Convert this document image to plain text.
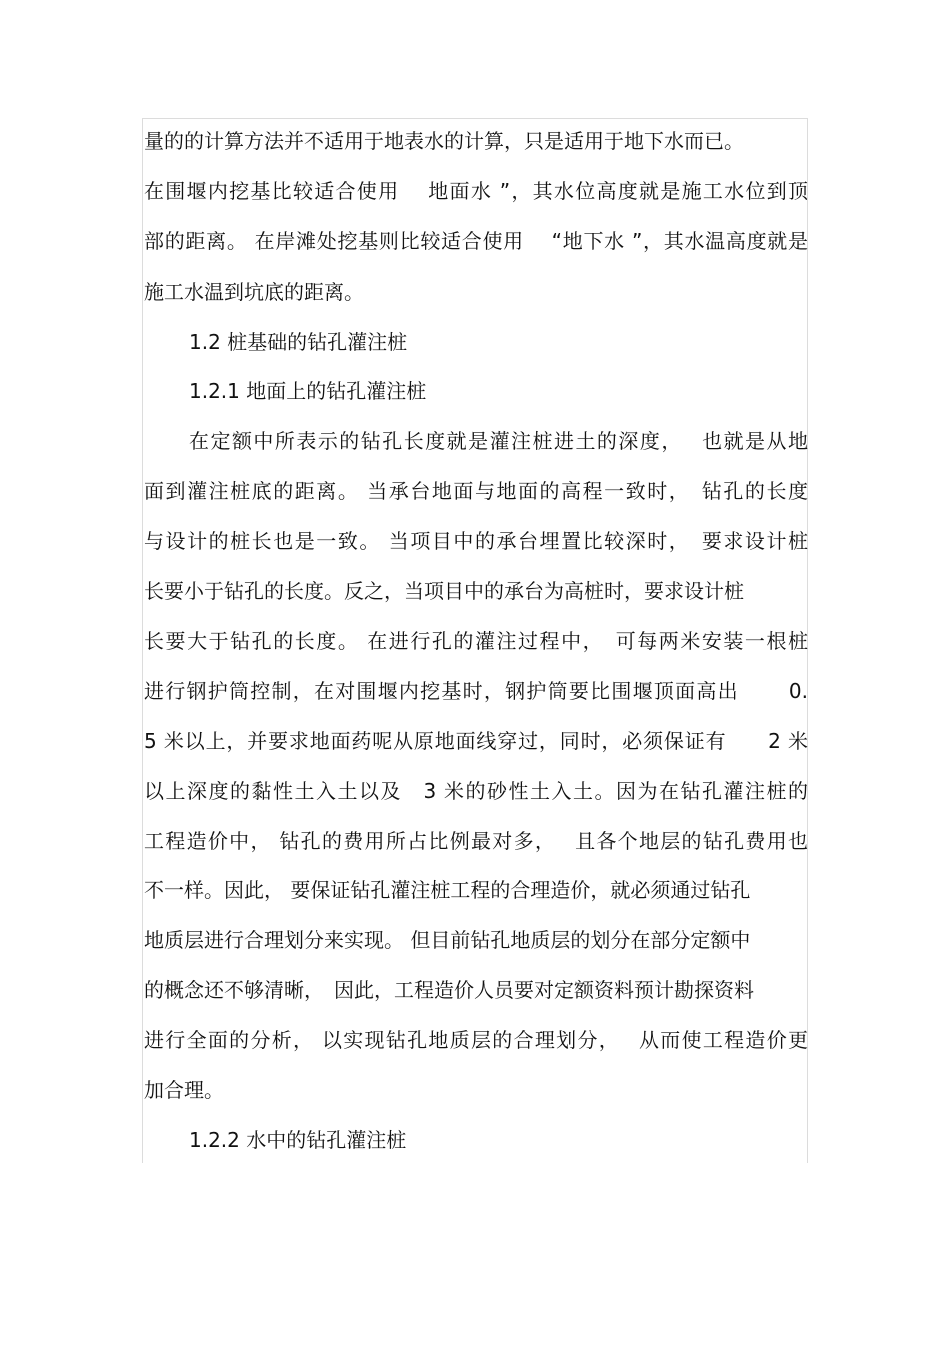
量的的计算方法并不适用于地表水的计算，只是适用于地下水而已。
在围堰内挖基比较适合使用　 地面水 ”，其水位高度就是施工水位到顶
部的距离。 在岸滩处挖基则比较适合使用　 “地下水 ”，其水温高度就是
施工水温到坑底的距离。
1.2 桩基础的钻孔灌注桩
1.2.1 地面上的钻孔灌注桩
在定额中所表示的钻孔长度就是灌注桩进土的深度，　 也就是从地
面到灌注桩底的距离。 当承台地面与地面的高程一致时，　钻孔的长度
与设计的桩长也是一致。 当项目中的承台埋置比较深时，　要求设计桩
长要小于钻孔的长度。反之，当项目中的承台为高桩时，要求设计桩
长要大于钻孔的长度。 在进行孔的灌注过程中，　可每两米安装一根桩
进行钢护筒控制，在对围堰内挖基时，钢护筒要比围堰顶面高出　　 0.
5 米以上，并要求地面药呢从原地面线穿过，同时，必须保证有　　2 米
以上深度的黏性土入土以及　3 米的砂性土入土。因为在钻孔灌注桩的
工程造价中， 钻孔的费用所占比例最对多，　 且各个地层的钻孔费用也
不一样。因此， 要保证钻孔灌注桩工程的合理造价，就必须通过钻孔
地质层进行合理划分来实现。 但目前钻孔地质层的划分在部分定额中
的概念还不够清晰，　因此，工程造价人员要对定额资料预计勘探资料
进行全面的分析， 以实现钻孔地质层的合理划分，　 从而使工程造价更
加合理。
1.2.2 水中的钻孔灌注桩
